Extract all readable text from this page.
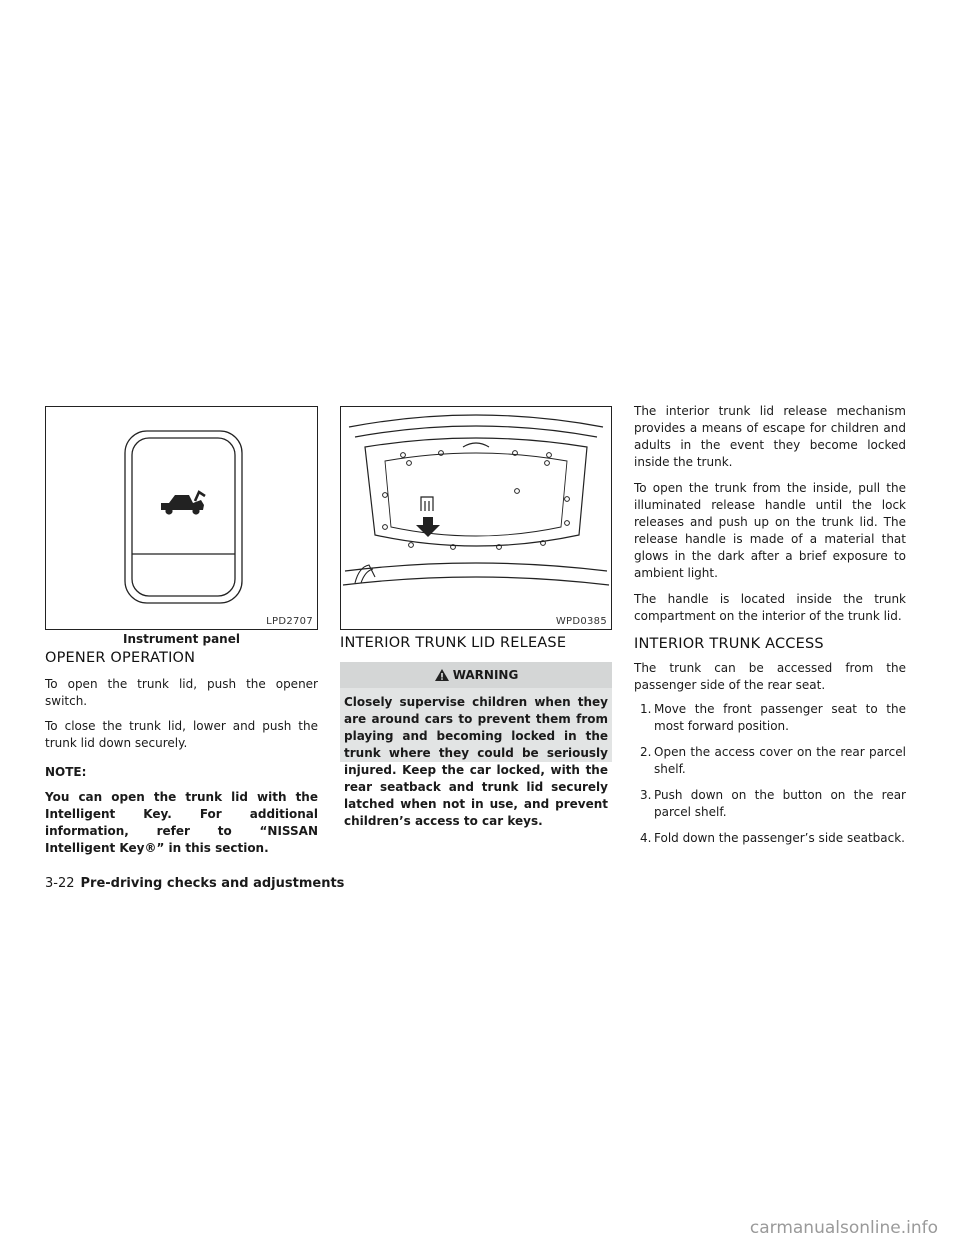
LPD2707
Instrument panel
OPENER OPERATION

To open the trunk lid, push the opener switch.

To close the trunk lid, lower and push the trunk lid down securely.

NOTE:

You can open the trunk lid with the Intelligent Key. For additional information, refer to “NISSAN Intelligent Key®” in this section.

WPD0385
INTERIOR TRUNK LID RELEASE
WARNING
Closely supervise children when they are around cars to prevent them from playing and becoming locked in the trunk where they could be seriously injured. Keep the car locked, with the rear seatback and trunk lid securely latched when not in use, and prevent children’s access to car keys.

The interior trunk lid release mechanism provides a means of escape for children and adults in the event they become locked inside the trunk.

To open the trunk from the inside, pull the illuminated release handle until the lock releases and push up on the trunk lid. The release handle is made of a material that glows in the dark after a brief exposure to ambient light.

The handle is located inside the trunk compartment on the interior of the trunk lid.

INTERIOR TRUNK ACCESS

The trunk can be accessed from the passenger side of the rear seat.

1. Move the front passenger seat to the most forward position.
2. Open the access cover on the rear parcel shelf.
3. Push down on the button on the rear parcel shelf.
4. Fold down the passenger’s side seatback.
3-22 Pre-driving checks and adjustments
carmanualsonline.info
